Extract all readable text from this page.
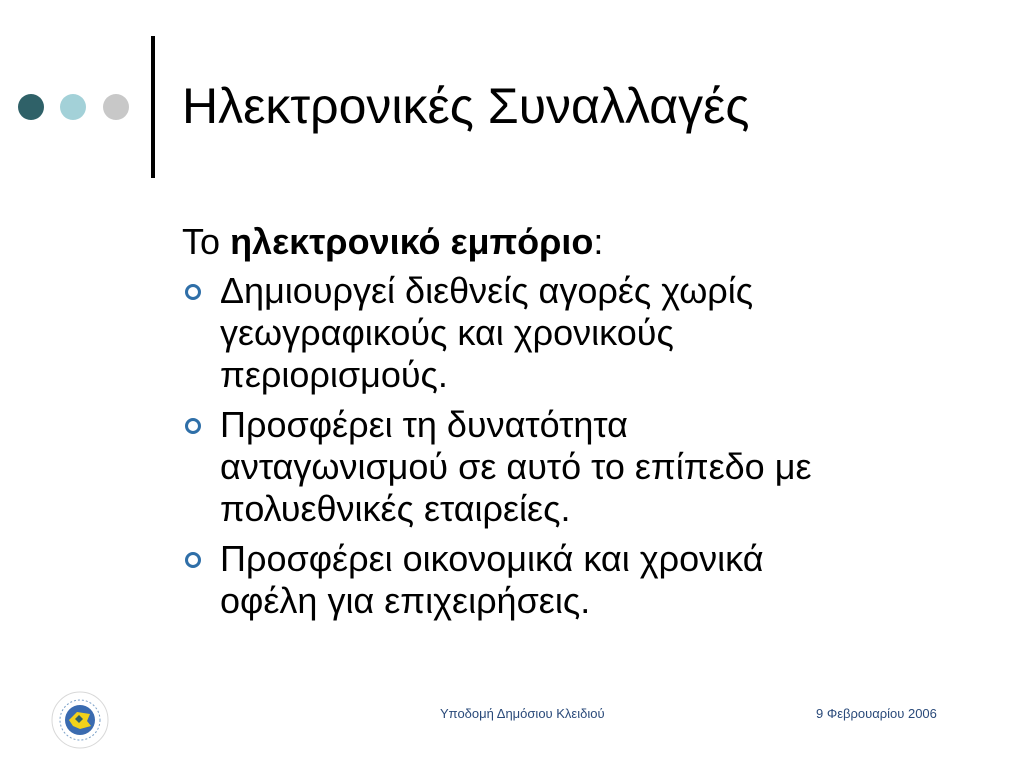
Ηλεκτρονικές Συναλλαγές

Το ηλεκτρονικό εμπόριο:

Δημιουργεί διεθνείς αγορές χωρίς
γεωγραφικούς και χρονικούς
περιορισμούς.
Προσφέρει τη δυνατότητα
ανταγωνισμού σε αυτό το επίπεδο με
πολυεθνικές εταιρείες.
Προσφέρει οικονομικά και χρονικά
οφέλη για επιχειρήσεις.
Υποδομή Δημόσιου Κλειδιού	9 Φεβρουαρίου 2006
